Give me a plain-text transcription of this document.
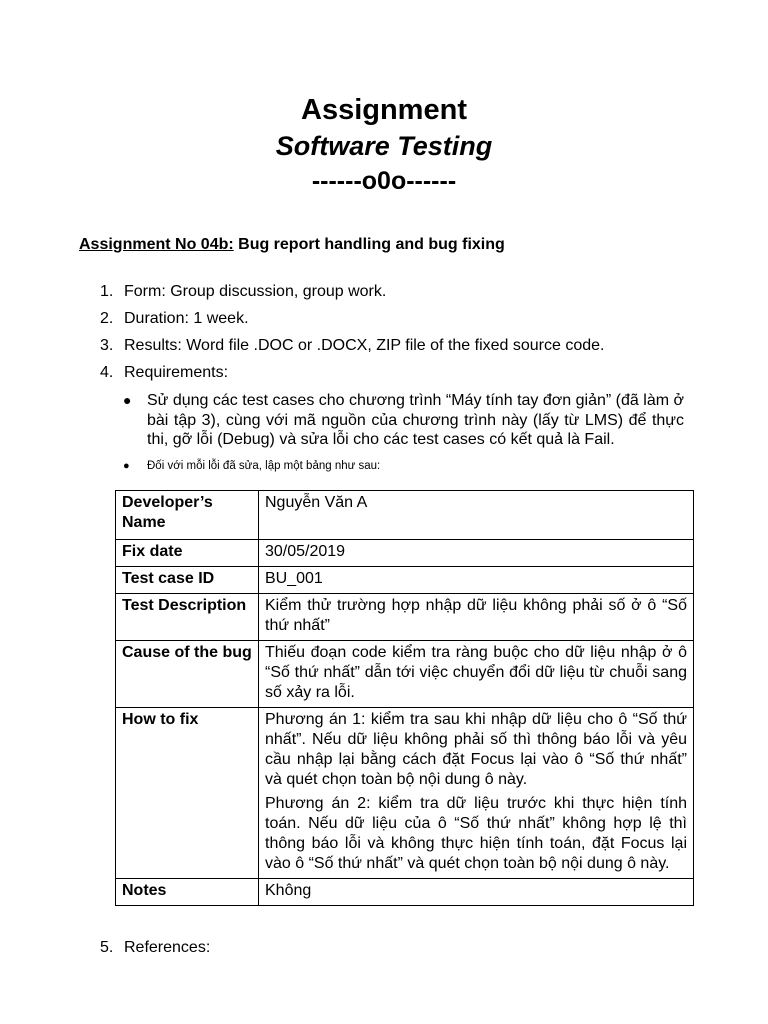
Assignment
Software Testing
------o0o------
Assignment No 04b: Bug report handling and bug fixing
1. Form: Group discussion, group work.
2. Duration: 1 week.
3. Results: Word file .DOC or .DOCX, ZIP file of the fixed source code.
4. Requirements:
● Sử dụng các test cases cho chương trình “Máy tính tay đơn giản” (đã làm ở bài tập 3), cùng với mã nguồn của chương trình này (lấy từ LMS) để thực thi, gỡ lỗi (Debug) và sửa lỗi cho các test cases có kết quả là Fail.
● Đối với mỗi lỗi đã sửa, lập một bảng như sau:
Developer’s Name	Nguyễn Văn A
Fix date	30/05/2019
Test case ID	BU_001
Test Description	Kiểm thử trường hợp nhập dữ liệu không phải số ở ô “Số thứ nhất”
Cause of the bug	Thiếu đoạn code kiểm tra ràng buộc cho dữ liệu nhập ở ô “Số thứ nhất” dẫn tới việc chuyển đổi dữ liệu từ chuỗi sang số xảy ra lỗi.
How to fix	Phương án 1: kiểm tra sau khi nhập dữ liệu cho ô “Số thứ nhất”. Nếu dữ liệu không phải số thì thông báo lỗi và yêu cầu nhập lại bằng cách đặt Focus lại vào ô “Số thứ nhất” và quét chọn toàn bộ nội dung ô này.

Phương án 2: kiểm tra dữ liệu trước khi thực hiện tính toán. Nếu dữ liệu của ô “Số thứ nhất” không hợp lệ thì thông báo lỗi và không thực hiện tính toán, đặt Focus lại vào ô “Số thứ nhất” và quét chọn toàn bộ nội dung ô này.

Notes	Không
5. References:
